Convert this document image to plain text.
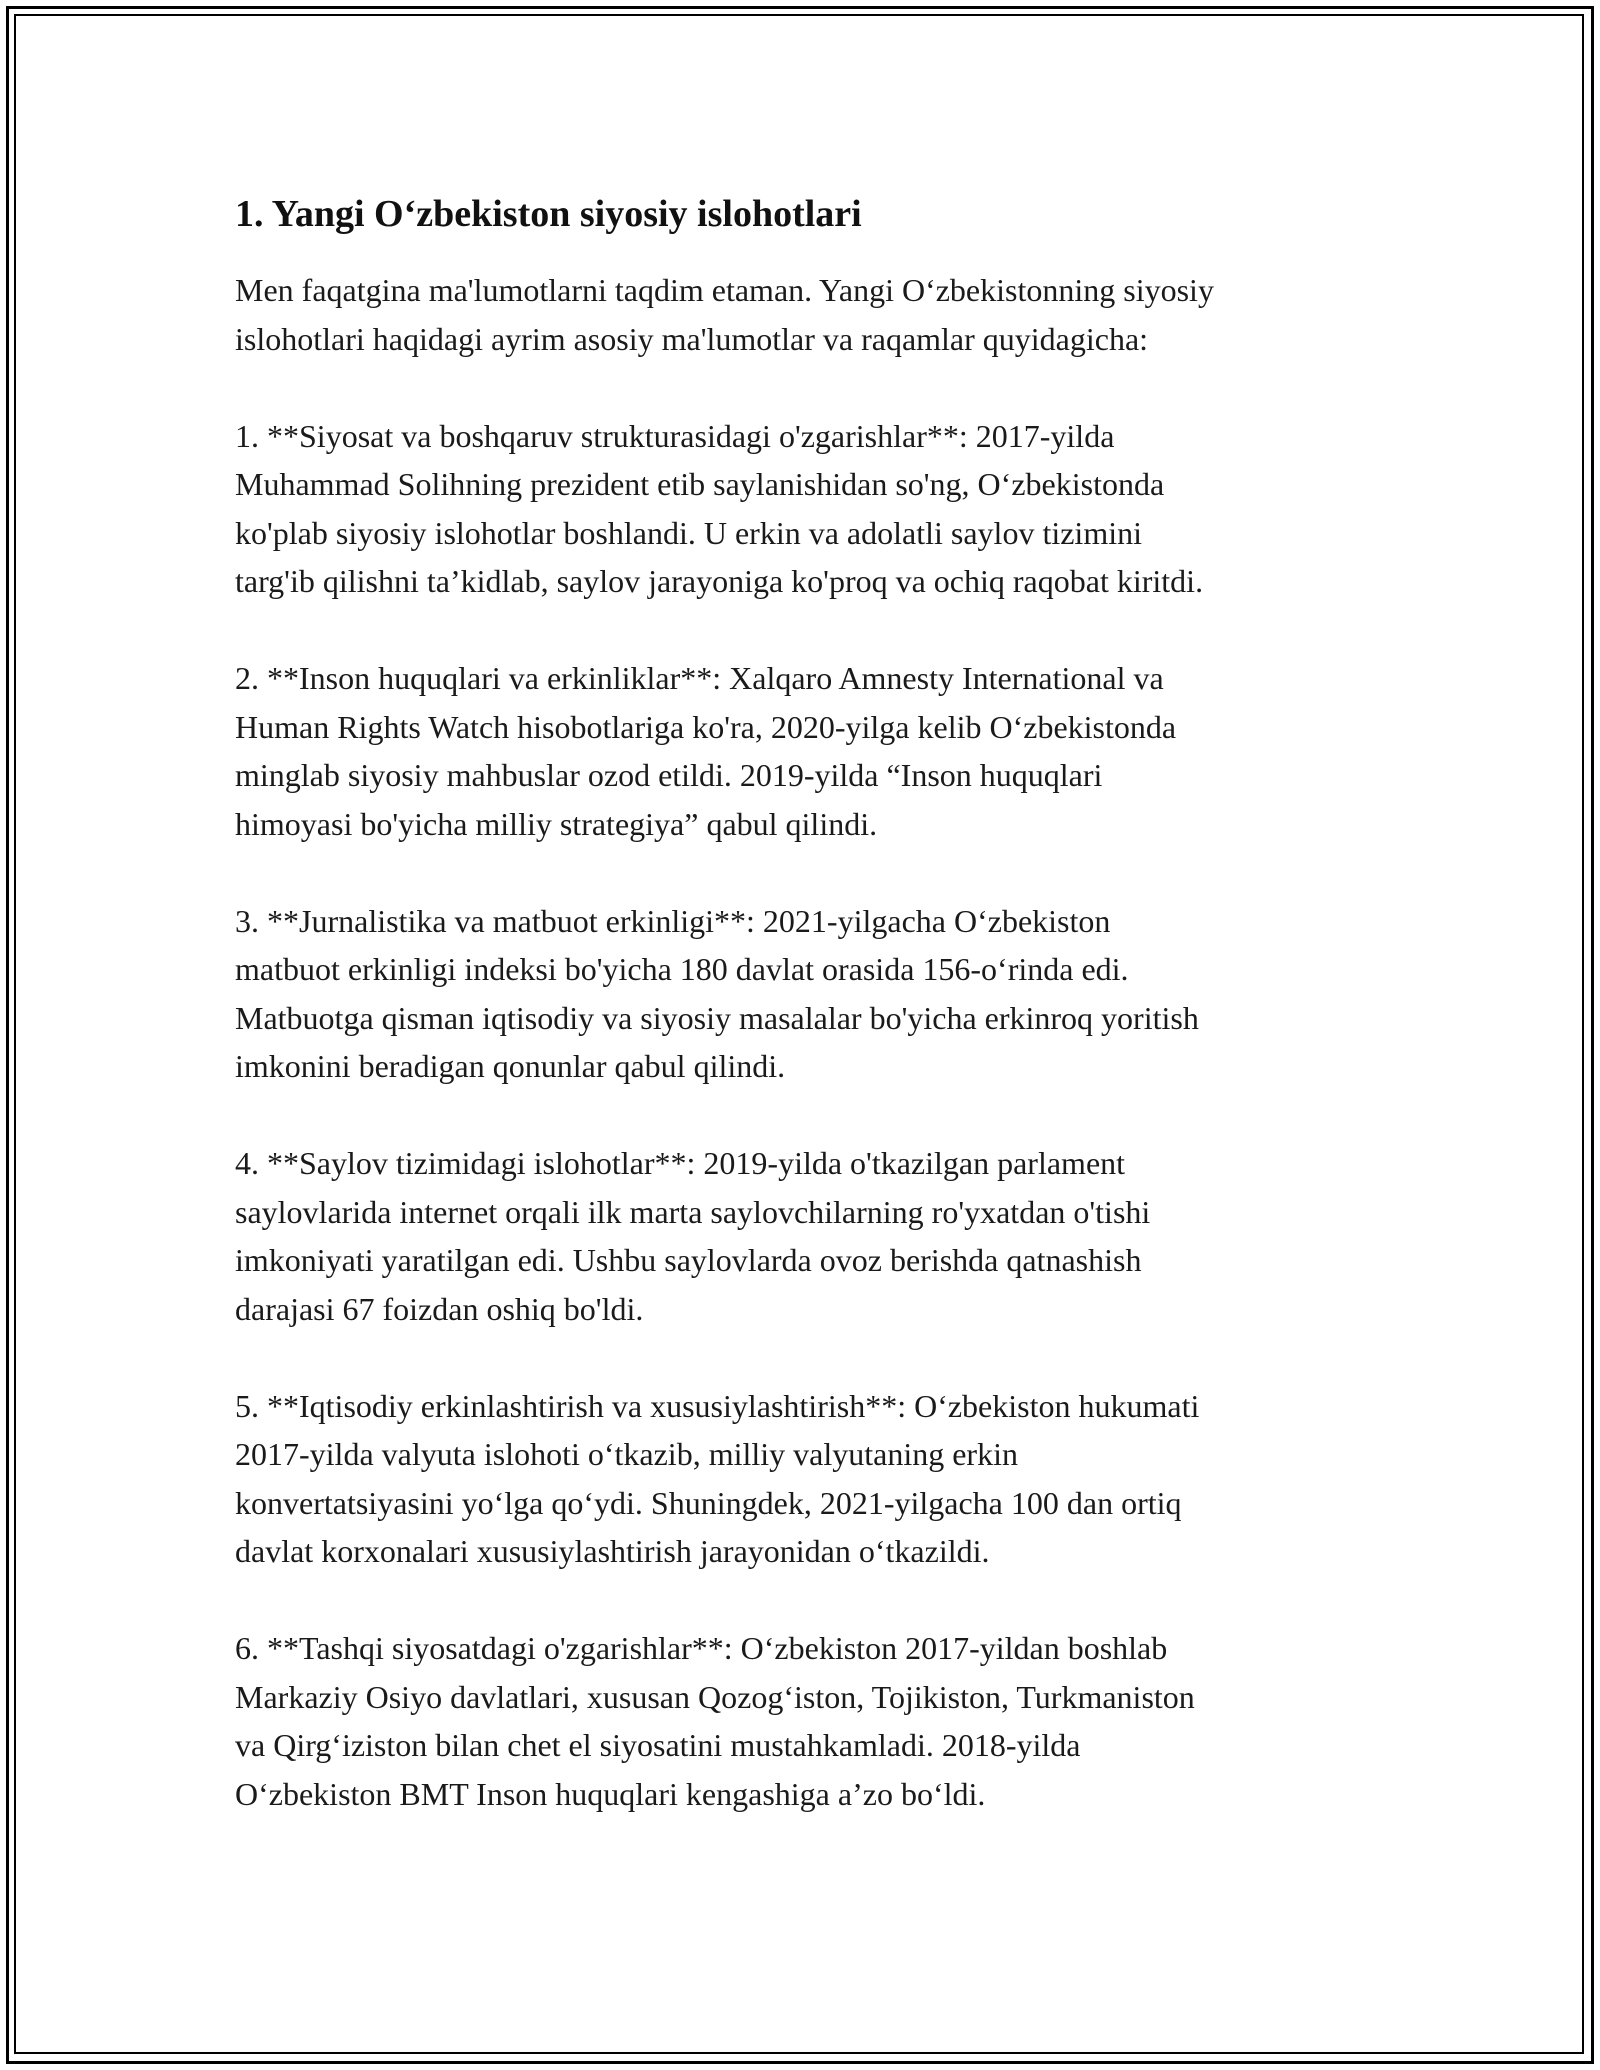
1. Yangi O‘zbekiston siyosiy islohotlari

Men faqatgina ma'lumotlarni taqdim etaman. Yangi O‘zbekistonning siyosiy
islohotlari haqidagi ayrim asosiy ma'lumotlar va raqamlar quyidagicha:

1. **Siyosat va boshqaruv strukturasidagi o'zgarishlar**: 2017-yilda
Muhammad Solihning prezident etib saylanishidan so'ng, O‘zbekistonda
ko'plab siyosiy islohotlar boshlandi. U erkin va adolatli saylov tizimini
targ'ib qilishni ta’kidlab, saylov jarayoniga ko'proq va ochiq raqobat kiritdi.

2. **Inson huquqlari va erkinliklar**: Xalqaro Amnesty International va
Human Rights Watch hisobotlariga ko'ra, 2020-yilga kelib O‘zbekistonda
minglab siyosiy mahbuslar ozod etildi. 2019-yilda “Inson huquqlari
himoyasi bo'yicha milliy strategiya” qabul qilindi.

3. **Jurnalistika va matbuot erkinligi**: 2021-yilgacha O‘zbekiston
matbuot erkinligi indeksi bo'yicha 180 davlat orasida 156-o‘rinda edi.
Matbuotga qisman iqtisodiy va siyosiy masalalar bo'yicha erkinroq yoritish
imkonini beradigan qonunlar qabul qilindi.

4. **Saylov tizimidagi islohotlar**: 2019-yilda o'tkazilgan parlament
saylovlarida internet orqali ilk marta saylovchilarning ro'yxatdan o'tishi
imkoniyati yaratilgan edi. Ushbu saylovlarda ovoz berishda qatnashish
darajasi 67 foizdan oshiq bo'ldi.

5. **Iqtisodiy erkinlashtirish va xususiylashtirish**: O‘zbekiston hukumati
2017-yilda valyuta islohoti o‘tkazib, milliy valyutaning erkin
konvertatsiyasini yo‘lga qo‘ydi. Shuningdek, 2021-yilgacha 100 dan ortiq
davlat korxonalari xususiylashtirish jarayonidan o‘tkazildi.

6. **Tashqi siyosatdagi o'zgarishlar**: O‘zbekiston 2017-yildan boshlab
Markaziy Osiyo davlatlari, xususan Qozog‘iston, Tojikiston, Turkmaniston
va Qirg‘iziston bilan chet el siyosatini mustahkamladi. 2018-yilda
O‘zbekiston BMT Inson huquqlari kengashiga a’zo bo‘ldi.
